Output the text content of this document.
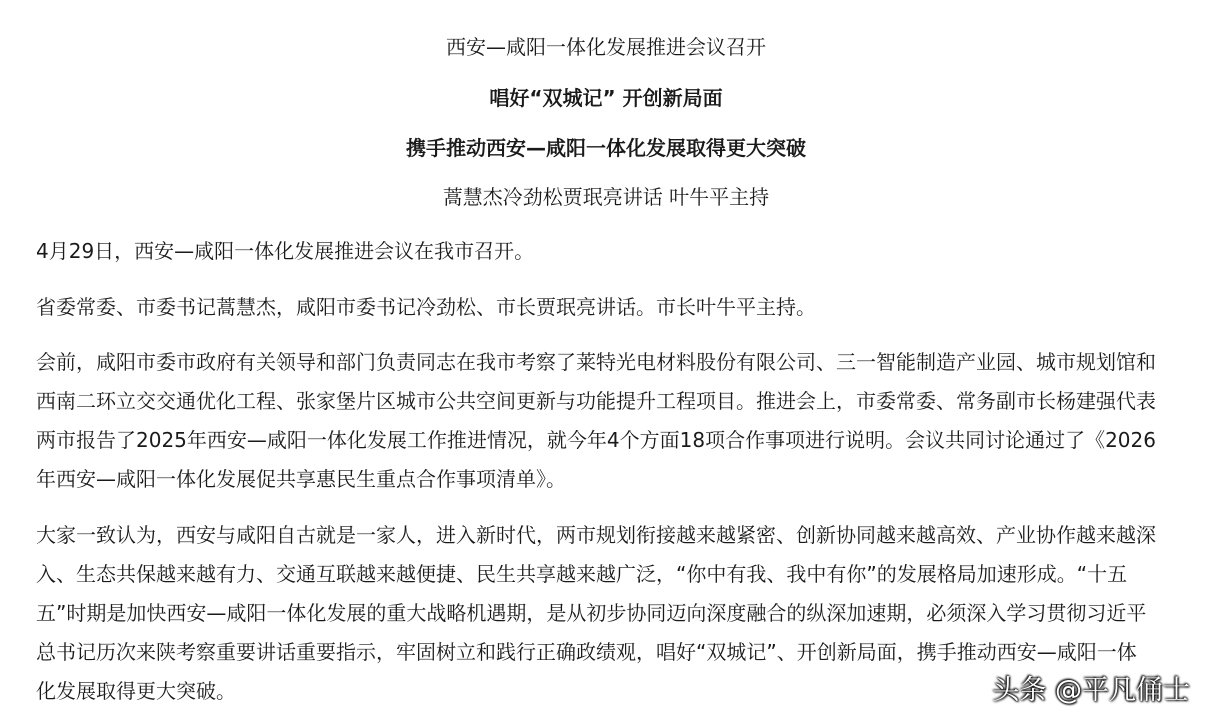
西安—咸阳一体化发展推进会议召开
唱好“双城记” 开创新局面
携手推动西安—咸阳一体化发展取得更大突破
蒿慧杰冷劲松贾珉亮讲话 叶牛平主持

4月29日，西安—咸阳一体化发展推进会议在我市召开。

省委常委、市委书记蒿慧杰，咸阳市委书记冷劲松、市长贾珉亮讲话。市长叶牛平主持。

会前，咸阳市委市政府有关领导和部门负责同志在我市考察了莱特光电材料股份有限公司、三一智能制造产业园、城市规划馆和
西南二环立交交通优化工程、张家堡片区城市公共空间更新与功能提升工程项目。推进会上，市委常委、常务副市长杨建强代表
两市报告了2025年西安—咸阳一体化发展工作推进情况，就今年4个方面18项合作事项进行说明。会议共同讨论通过了《2026
年西安—咸阳一体化发展促共享惠民生重点合作事项清单》。

大家一致认为，西安与咸阳自古就是一家人，进入新时代，两市规划衔接越来越紧密、创新协同越来越高效、产业协作越来越深
入、生态共保越来越有力、交通互联越来越便捷、民生共享越来越广泛，“你中有我、我中有你”的发展格局加速形成。“十五
五”时期是加快西安—咸阳一体化发展的重大战略机遇期，是从初步协同迈向深度融合的纵深加速期，必须深入学习贯彻习近平
总书记历次来陕考察重要讲话重要指示，牢固树立和践行正确政绩观，唱好“双城记”、开创新局面，携手推动西安—咸阳一体
化发展取得更大突破。	头条 @平凡俑士
